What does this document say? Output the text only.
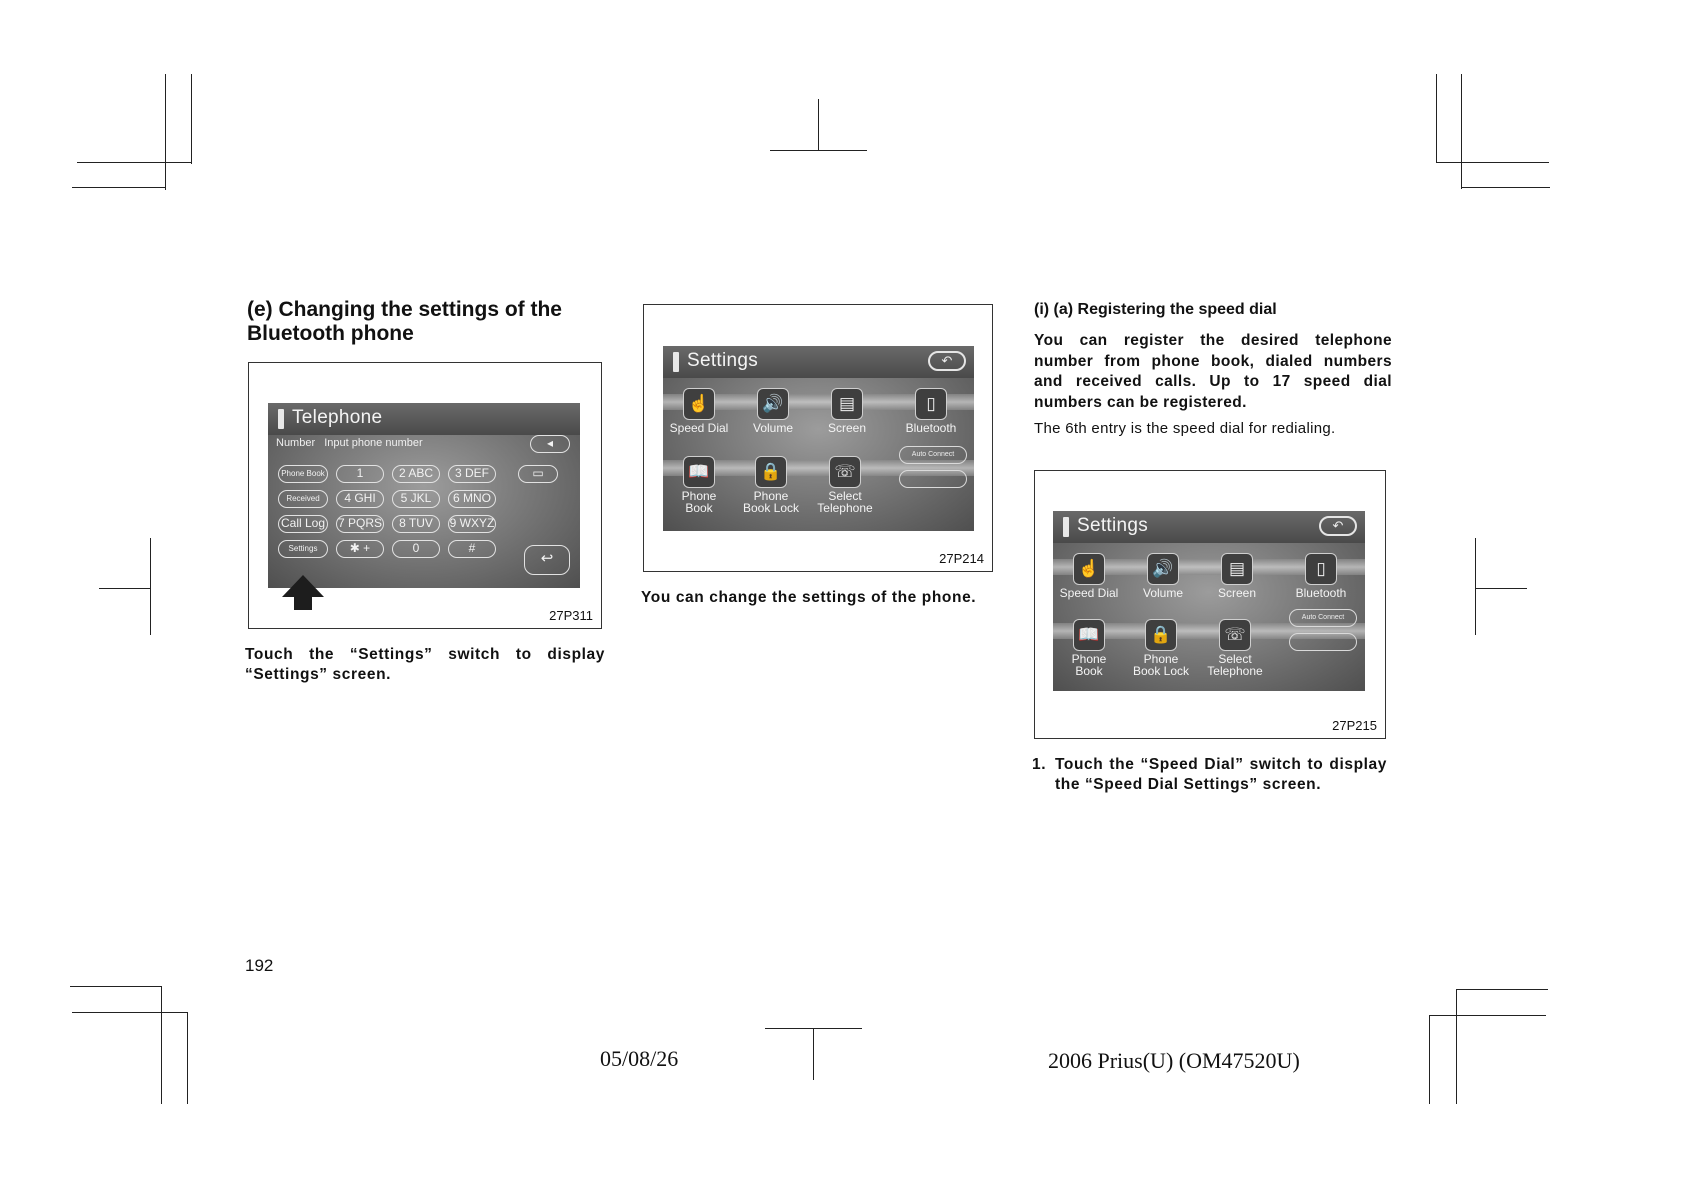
(e) Changing the settings of the Bluetooth phone
Telephone
Number Input phone number	◂
Phone Book	1	2 ABC	3 DEF	▭
Received	4 GHI	5 JKL	6 MNO
Call Log 7 PQRS	8 TUV	9 WXYZ
Settings	✱ +	0	#
↩
27P311
Touch the “Settings” switch to display “Settings” screen.
Settings	↶
☝
Speed Dial
🔊
Volume
▤
Screen
▯
Bluetooth
📖
Phone Book
🔒
Phone Book Lock
☏
Select Telephone
Auto Connect
27P214
You can change the settings of the phone.
(i) (a) Registering the speed dial
You can register the desired telephone number from phone book, dialed numbers and received calls. Up to 17 speed dial numbers can be registered.
The 6th entry is the speed dial for redialing.
Settings	↶
☝
Speed Dial
🔊
Volume
▤
Screen
▯
Bluetooth
📖
Phone Book
🔒
Phone Book Lock
☏
Select Telephone
Auto Connect
27P215
1. Touch the “Speed Dial” switch to display the “Speed Dial Settings” screen.
192
05/08/26	2006 Prius(U) (OM47520U)
